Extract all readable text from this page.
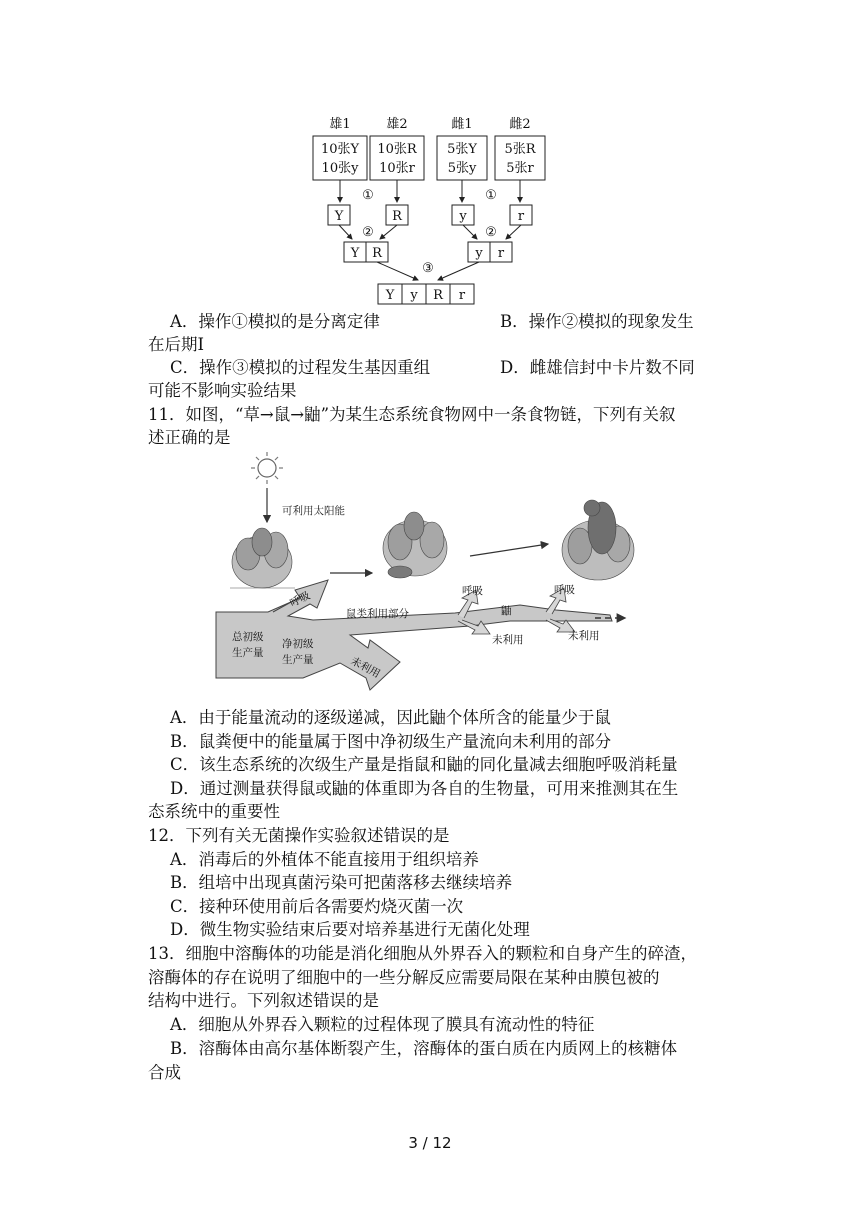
雄1	雄2	雌1	雌2
10张Y
10张y
10张R
10张r
5张Y
5张y
5张R
5张r
①	①
Y	R	y	r
②	②
Y R	y r
③
Y y R r
A．操作①模拟的是分离定律	B．操作②模拟的现象发生
在后期I
C．操作③模拟的过程发生基因重组	D．雌雄信封中卡片数不同
可能不影响实验结果
11．如图，“草→鼠→鼬”为某生态系统食物网中一条食物链，下列有关叙
述正确的是
可利用太阳能
呼吸
总初级
生产量
净初级
生产量	未利用
鼠类利用部分
呼吸
鼬
呼吸
未利用	未利用
A．由于能量流动的逐级递减，因此鼬个体所含的能量少于鼠
B．鼠粪便中的能量属于图中净初级生产量流向未利用的部分
C．该生态系统的次级生产量是指鼠和鼬的同化量减去细胞呼吸消耗量
D．通过测量获得鼠或鼬的体重即为各自的生物量，可用来推测其在生
态系统中的重要性
12．下列有关无菌操作实验叙述错误的是
A．消毒后的外植体不能直接用于组织培养
B．组培中出现真菌污染可把菌落移去继续培养
C．接种环使用前后各需要灼烧灭菌一次
D．微生物实验结束后要对培养基进行无菌化处理
13．细胞中溶酶体的功能是消化细胞从外界吞入的颗粒和自身产生的碎渣，
溶酶体的存在说明了细胞中的一些分解反应需要局限在某种由膜包被的
结构中进行。下列叙述错误的是
A．细胞从外界吞入颗粒的过程体现了膜具有流动性的特征
B．溶酶体由高尔基体断裂产生，溶酶体的蛋白质在内质网上的核糖体
合成
3 / 12
